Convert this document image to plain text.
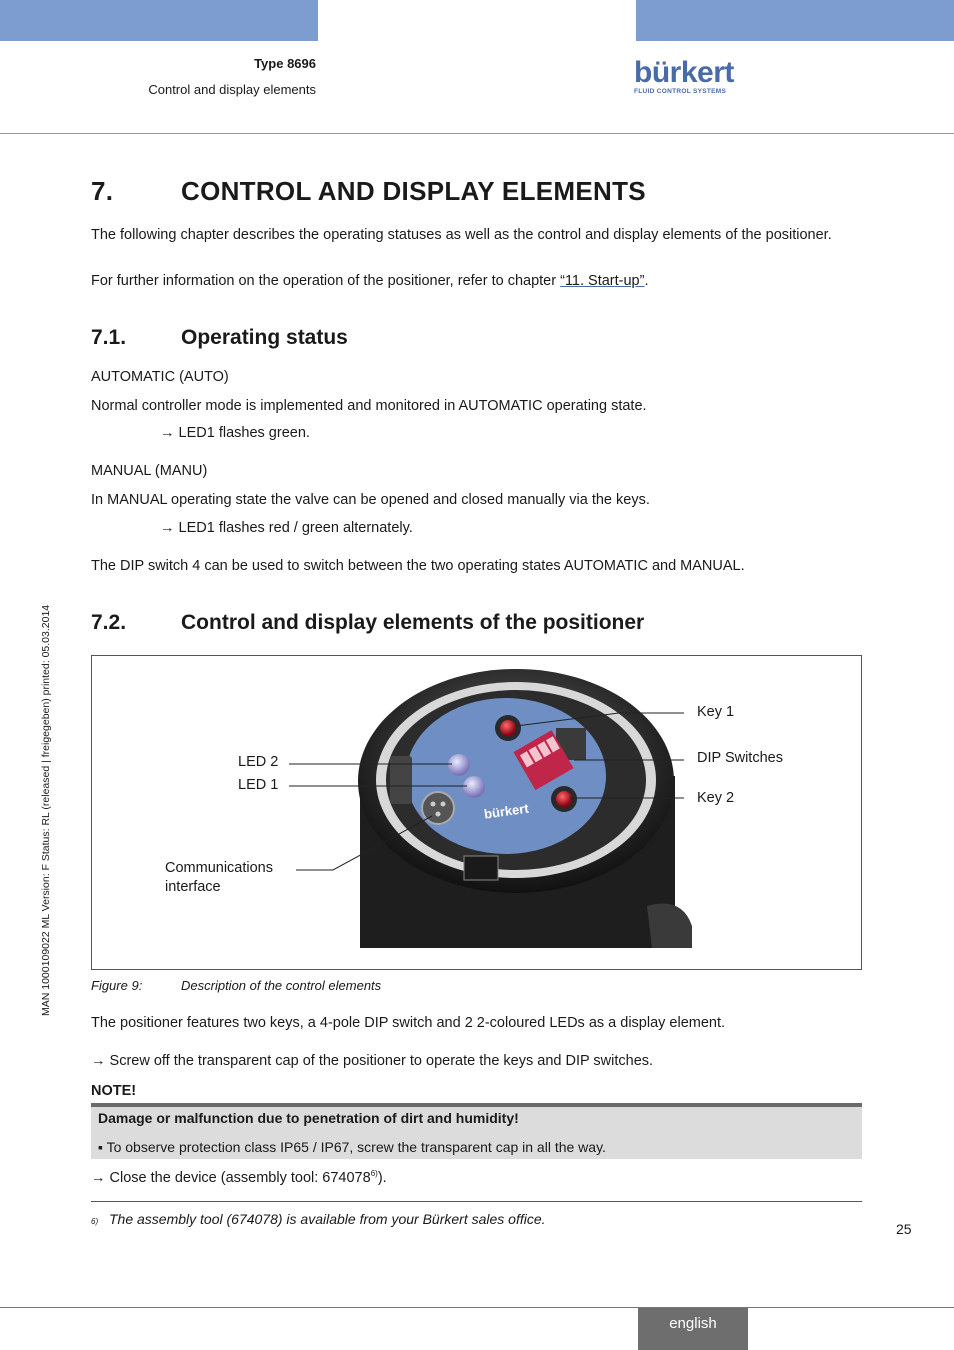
Type 8696
Control and display elements
bürkert
FLUID CONTROL SYSTEMS
MAN 1000109022 ML Version: F Status: RL (released | freigegeben) printed: 05.03.2014
7.	CONTROL AND DISPLAY ELEMENTS
The following chapter describes the operating statuses as well as the control and display elements of the positioner.
For further information on the operation of the positioner, refer to chapter “11. Start-up”.
7.1.	Operating status
AUTOMATIC (AUTO)
Normal controller mode is implemented and monitored in AUTOMATIC operating state.
→ LED1 flashes green.
MANUAL (MANU)
In MANUAL operating state the valve can be opened and closed manually via the keys.
→ LED1 flashes red / green alternately.
The DIP switch 4 can be used to switch between the two operating states AUTOMATIC and MANUAL.
7.2.	Control and display elements of the positioner
bürkert
Key 1
DIP Switches
Key 2
LED 2
LED 1
Communications
interface
Figure 9:	Description of the control elements
The positioner features two keys, a 4-pole DIP switch and 2 2-coloured LEDs as a display element.
→ Screw off the transparent cap of the positioner to operate the keys and DIP switches.
NOTE!
Damage or malfunction due to penetration of dirt and humidity!
▪ To observe protection class IP65 / IP67, screw the transparent cap in all the way.
→ Close the device (assembly tool: 674078$^{6)}$).
6) The assembly tool (674078) is available from your Bürkert sales office.
25
english
